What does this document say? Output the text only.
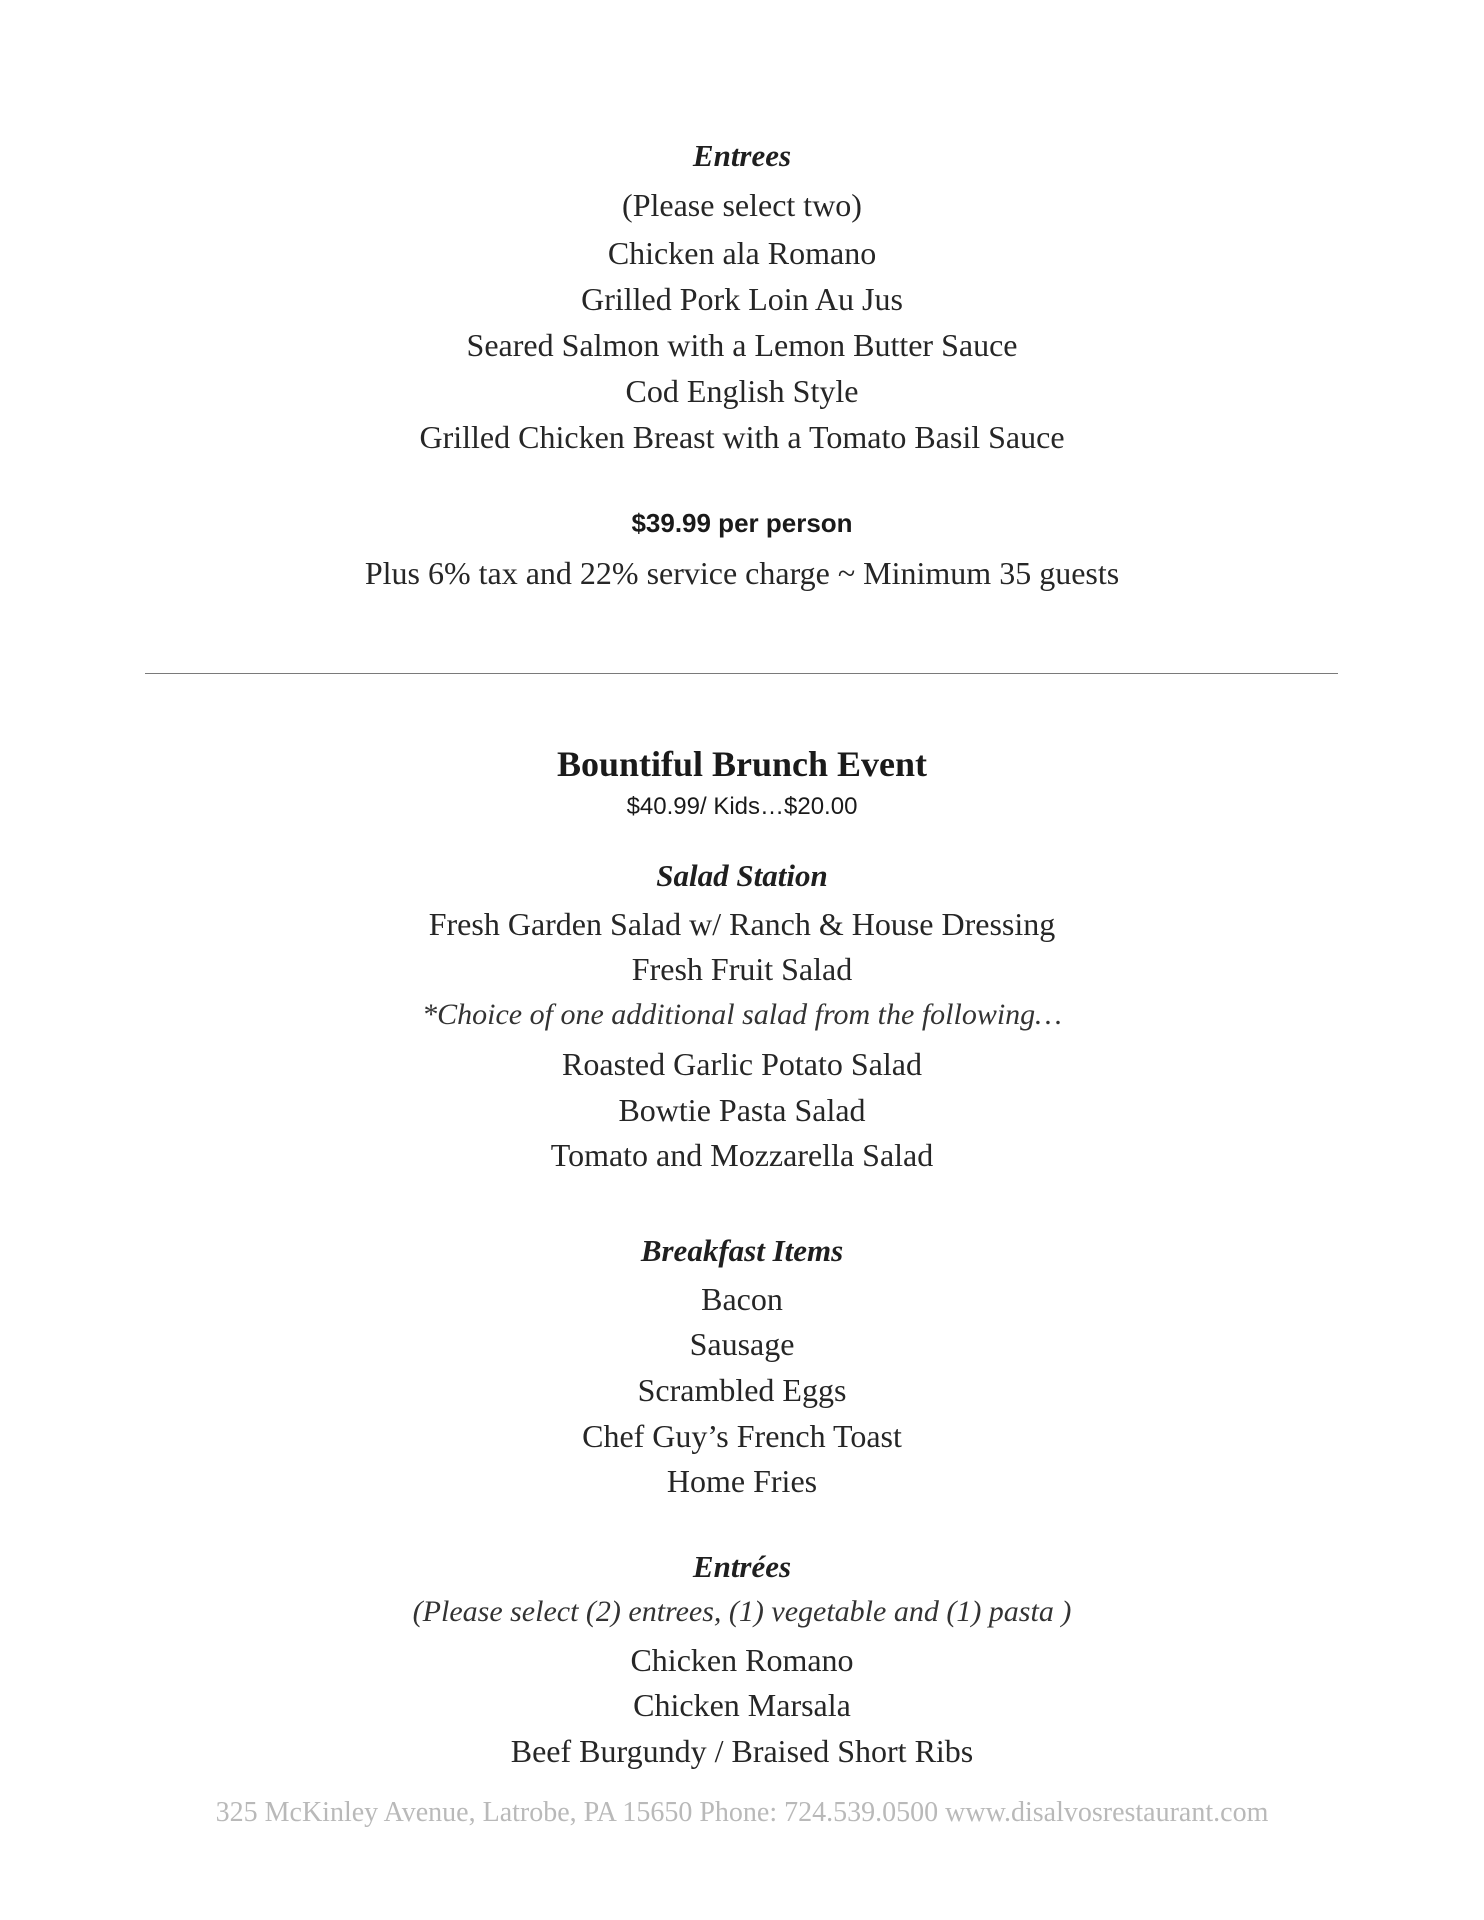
Entrees
(Please select two)
Chicken ala Romano
Grilled Pork Loin Au Jus
Seared Salmon with a Lemon Butter Sauce
Cod English Style
Grilled Chicken Breast with a Tomato Basil Sauce
$39.99 per person
Plus 6% tax and 22% service charge ~ Minimum 35 guests
Bountiful Brunch Event
$40.99/ Kids…$20.00
Salad Station
Fresh Garden Salad w/ Ranch & House Dressing
Fresh Fruit Salad
*Choice of one additional salad from the following…
Roasted Garlic Potato Salad
Bowtie Pasta Salad
Tomato and Mozzarella Salad
Breakfast Items
Bacon
Sausage
Scrambled Eggs
Chef Guy’s French Toast
Home Fries
Entrées
(Please select (2) entrees, (1) vegetable and (1) pasta )
Chicken Romano
Chicken Marsala
Beef Burgundy / Braised Short Ribs
325 McKinley Avenue, Latrobe, PA 15650 Phone: 724.539.0500 www.disalvosrestaurant.com
